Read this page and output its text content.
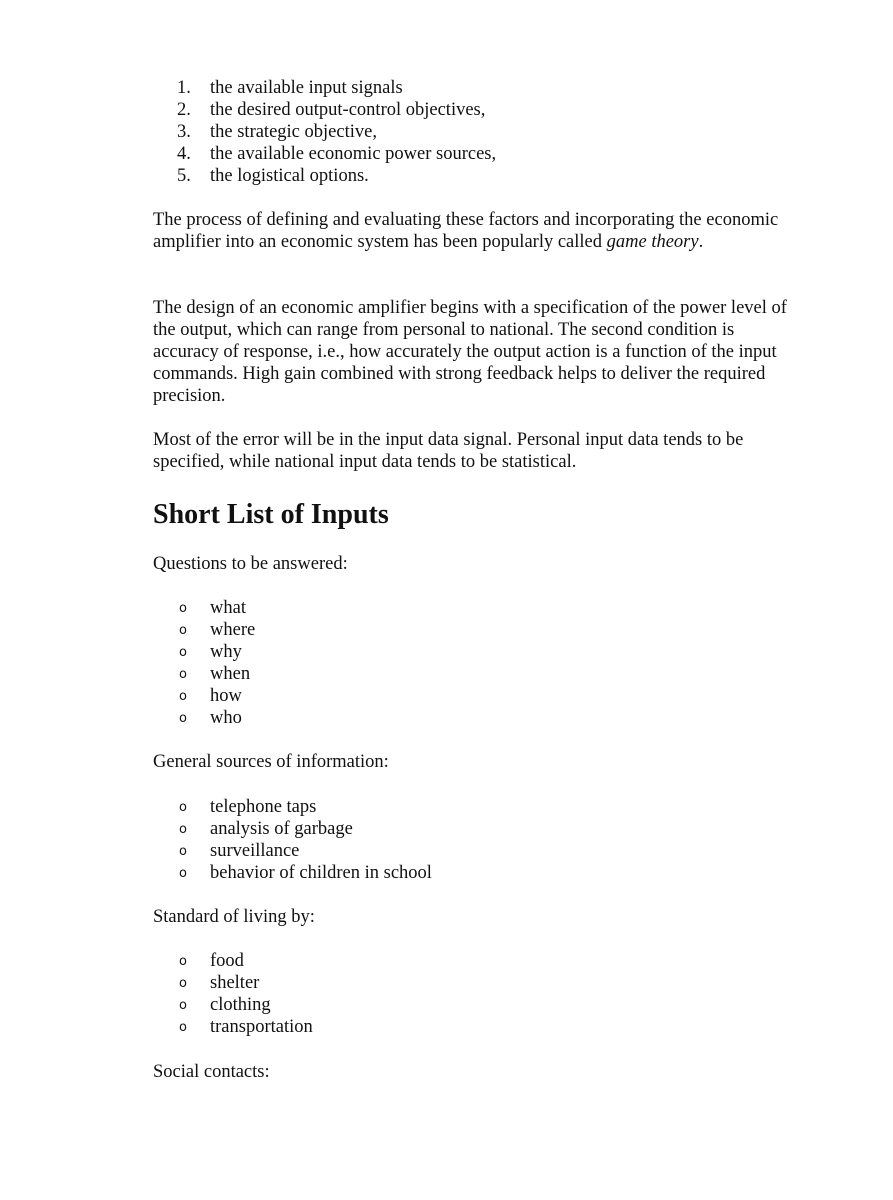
1. the available input signals
2. the desired output-control objectives,
3. the strategic objective,
4. the available economic power sources,
5. the logistical options.

The process of defining and evaluating these factors and incorporating the economic amplifier into an economic system has been popularly called game theory.

The design of an economic amplifier begins with a specification of the power level of the output, which can range from personal to national. The second condition is accuracy of response, i.e., how accurately the output action is a function of the input commands. High gain combined with strong feedback helps to deliver the required precision.

Most of the error will be in the input data signal. Personal input data tends to be specified, while national input data tends to be statistical.

Short List of Inputs

Questions to be answered:

o what
o where
o why
o when
o how
o who

General sources of information:

o telephone taps
o analysis of garbage
o surveillance
o behavior of children in school

Standard of living by:

o food
o shelter
o clothing
o transportation

Social contacts:
